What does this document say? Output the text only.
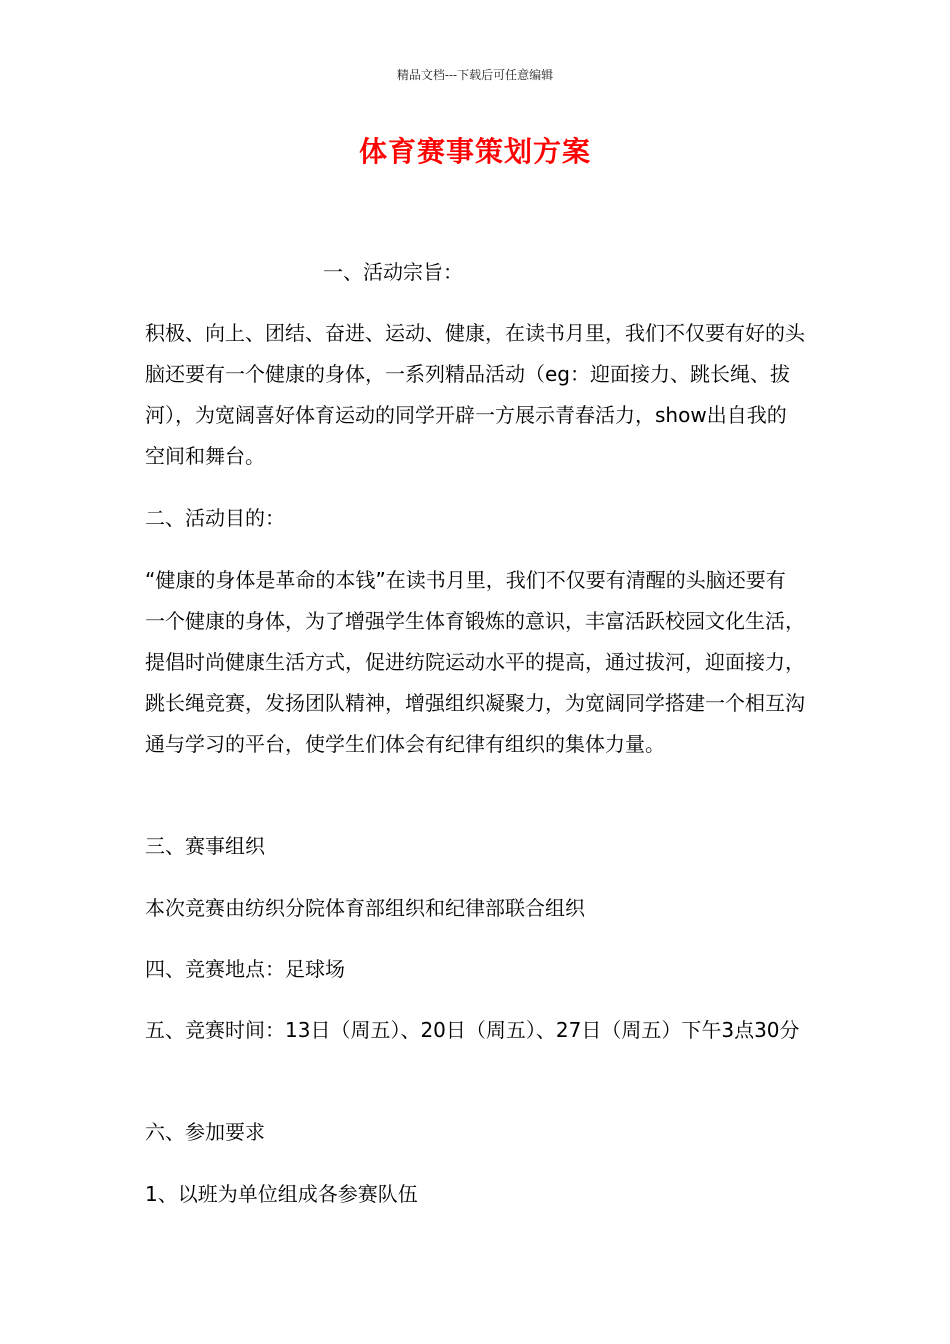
精品文档---下载后可任意编辑
体育赛事策划方案
一、活动宗旨：
积极、向上、团结、奋进、运动、健康，在读书月里，我们不仅要有好的头脑还要有一个健康的身体，一系列精品活动（eg：迎面接力、跳长绳、拔河），为宽阔喜好体育运动的同学开辟一方展示青春活力，show出自我的空间和舞台。
二、活动目的：
“健康的身体是革命的本钱”在读书月里，我们不仅要有清醒的头脑还要有一个健康的身体，为了增强学生体育锻炼的意识，丰富活跃校园文化生活，提倡时尚健康生活方式，促进纺院运动水平的提高，通过拔河，迎面接力，跳长绳竞赛，发扬团队精神，增强组织凝聚力，为宽阔同学搭建一个相互沟通与学习的平台，使学生们体会有纪律有组织的集体力量。
三、赛事组织
本次竞赛由纺织分院体育部组织和纪律部联合组织
四、竞赛地点：足球场
五、竞赛时间：13日（周五）、20日（周五）、27日（周五）下午3点30分
六、参加要求
1、以班为单位组成各参赛队伍
